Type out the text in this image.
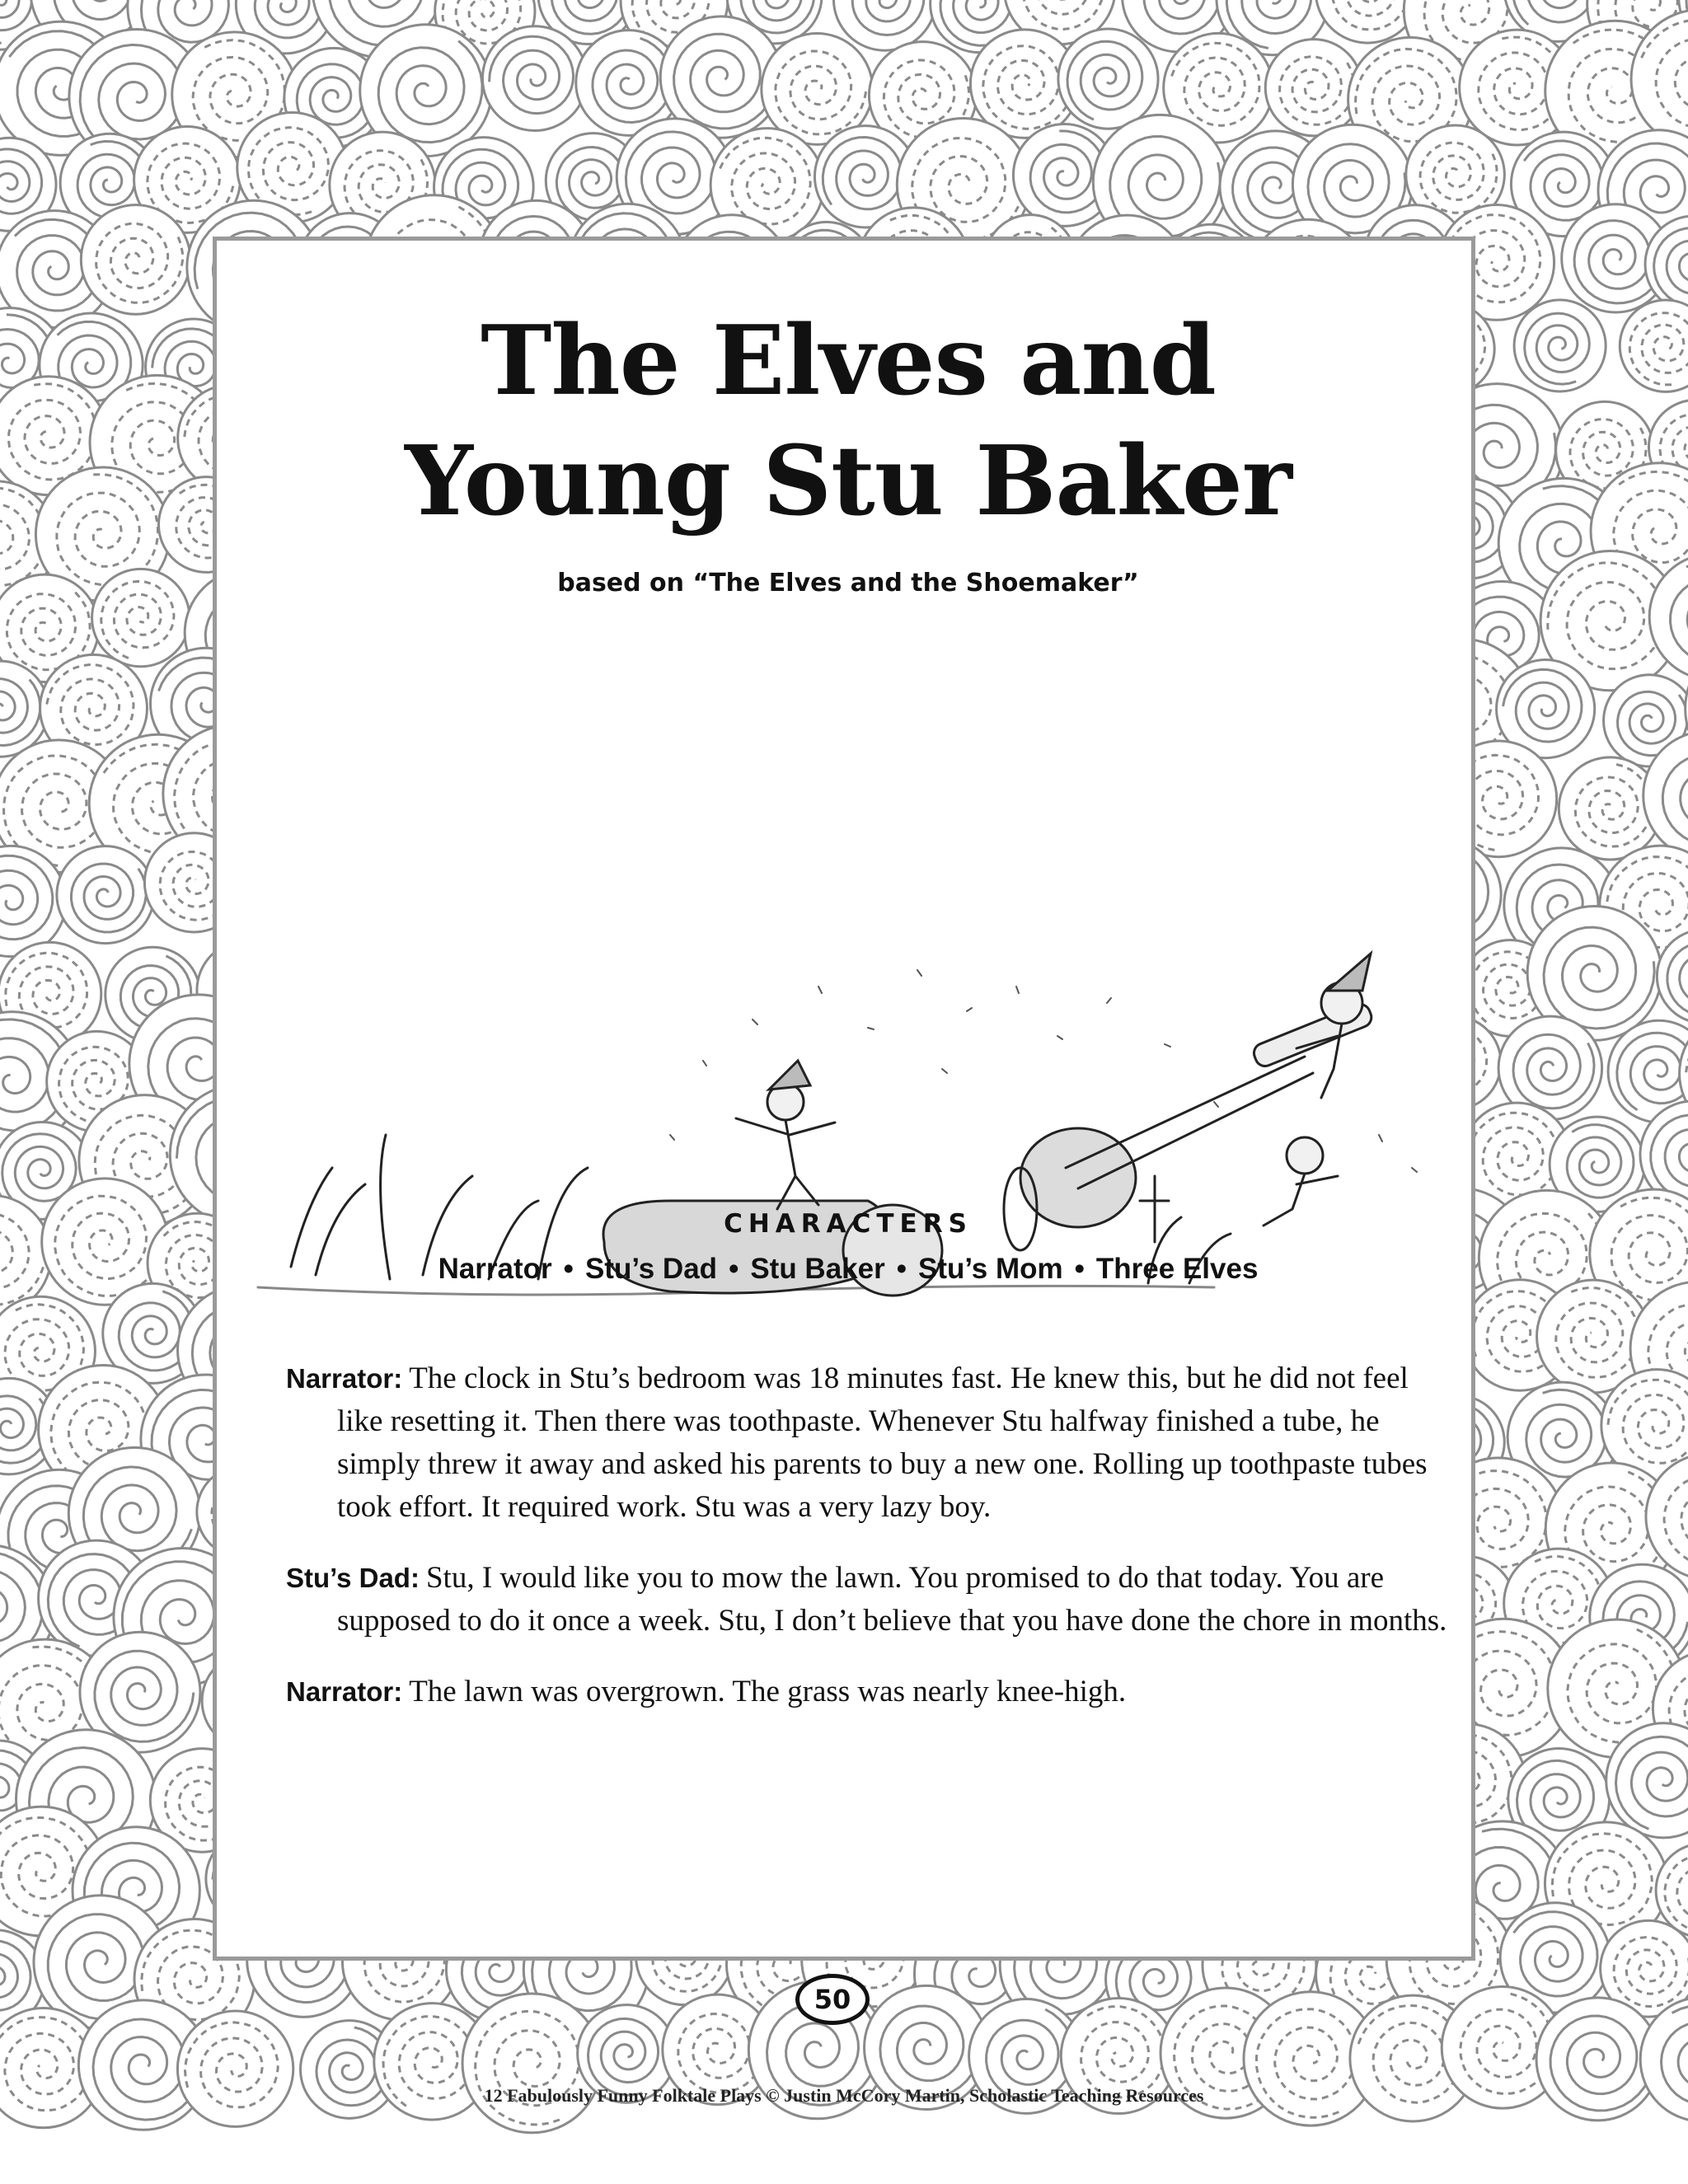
The Elves and
Young Stu Baker
based on “The Elves and the Shoemaker”
CHARACTERS
Narrator • Stu’s Dad • Stu Baker • Stu’s Mom • Three Elves

Narrator: The clock in Stu’s bedroom was 18 minutes fast. He knew this, but he did not feel like resetting it. Then there was toothpaste. Whenever Stu halfway finished a tube, he simply threw it away and asked his parents to buy a new one. Rolling up toothpaste tubes took effort. It required work. Stu was a very lazy boy.

Stu’s Dad: Stu, I would like you to mow the lawn. You promised to do that today. You are supposed to do it once a week. Stu, I don’t believe that you have done the chore in months.

Narrator: The lawn was overgrown. The grass was nearly knee-high.

50
12 Fabulously Funny Folktale Plays © Justin McCory Martin, Scholastic Teaching Resources
